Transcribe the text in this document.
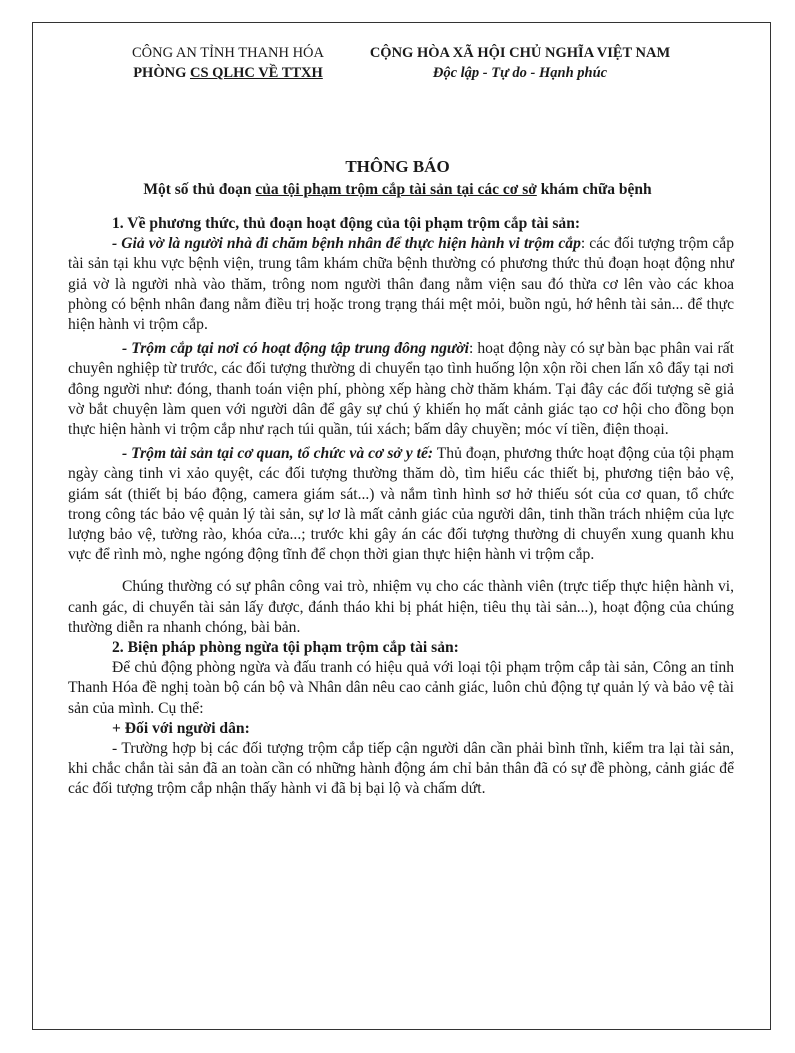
CÔNG AN TỈNH THANH HÓA
PHÒNG CS QLHC VỀ TTXH
CỘNG HÒA XÃ HỘI CHỦ NGHĨA VIỆT NAM
Độc lập - Tự do - Hạnh phúc
THÔNG BÁO
Một số thủ đoạn của tội phạm trộm cắp tài sản tại các cơ sở khám chữa bệnh

1. Về phương thức, thủ đoạn hoạt động của tội phạm trộm cắp tài sản:

- Giả vờ là người nhà đi chăm bệnh nhân để thực hiện hành vi trộm cắp: các đối tượng trộm cắp tài sản tại khu vực bệnh viện, trung tâm khám chữa bệnh thường có phương thức thủ đoạn hoạt động như giả vờ là người nhà vào thăm, trông nom người thân đang nằm viện sau đó thừa cơ lên vào các khoa phòng có bệnh nhân đang nằm điều trị hoặc trong trạng thái mệt mỏi, buồn ngủ, hớ hênh tài sản... để thực hiện hành vi trộm cắp.

- Trộm cắp tại nơi có hoạt động tập trung đông người: hoạt động này có sự bàn bạc phân vai rất chuyên nghiệp từ trước, các đối tượng thường di chuyển tạo tình huống lộn xộn rồi chen lấn xô đẩy tại nơi đông người như: đóng, thanh toán viện phí, phòng xếp hàng chờ thăm khám. Tại đây các đối tượng sẽ giả vờ bắt chuyện làm quen với người dân để gây sự chú ý khiến họ mất cảnh giác tạo cơ hội cho đồng bọn thực hiện hành vi trộm cắp như rạch túi quần, túi xách; bấm dây chuyền; móc ví tiền, điện thoại.

- Trộm tài sản tại cơ quan, tổ chức và cơ sở y tế: Thủ đoạn, phương thức hoạt động của tội phạm ngày càng tinh vi xảo quyệt, các đối tượng thường thăm dò, tìm hiểu các thiết bị, phương tiện bảo vệ, giám sát (thiết bị báo động, camera giám sát...) và nắm tình hình sơ hở thiếu sót của cơ quan, tổ chức trong công tác bảo vệ quản lý tài sản, sự lơ là mất cảnh giác của người dân, tinh thần trách nhiệm của lực lượng bảo vệ, tường rào, khóa cửa...; trước khi gây án các đối tượng thường di chuyển xung quanh khu vực để rình mò, nghe ngóng động tĩnh để chọn thời gian thực hiện hành vi trộm cắp.

Chúng thường có sự phân công vai trò, nhiệm vụ cho các thành viên (trực tiếp thực hiện hành vi, canh gác, di chuyển tài sản lấy được, đánh tháo khi bị phát hiện, tiêu thụ tài sản...), hoạt động của chúng thường diễn ra nhanh chóng, bài bản.

2. Biện pháp phòng ngừa tội phạm trộm cắp tài sản:

Để chủ động phòng ngừa và đấu tranh có hiệu quả với loại tội phạm trộm cắp tài sản, Công an tỉnh Thanh Hóa đề nghị toàn bộ cán bộ và Nhân dân nêu cao cảnh giác, luôn chủ động tự quản lý và bảo vệ tài sản của mình. Cụ thể:

+ Đối với người dân:

- Trường hợp bị các đối tượng trộm cắp tiếp cận người dân cần phải bình tĩnh, kiểm tra lại tài sản, khi chắc chắn tài sản đã an toàn cần có những hành động ám chỉ bản thân đã có sự đề phòng, cảnh giác để các đối tượng trộm cắp nhận thấy hành vi đã bị bại lộ và chấm dứt.
